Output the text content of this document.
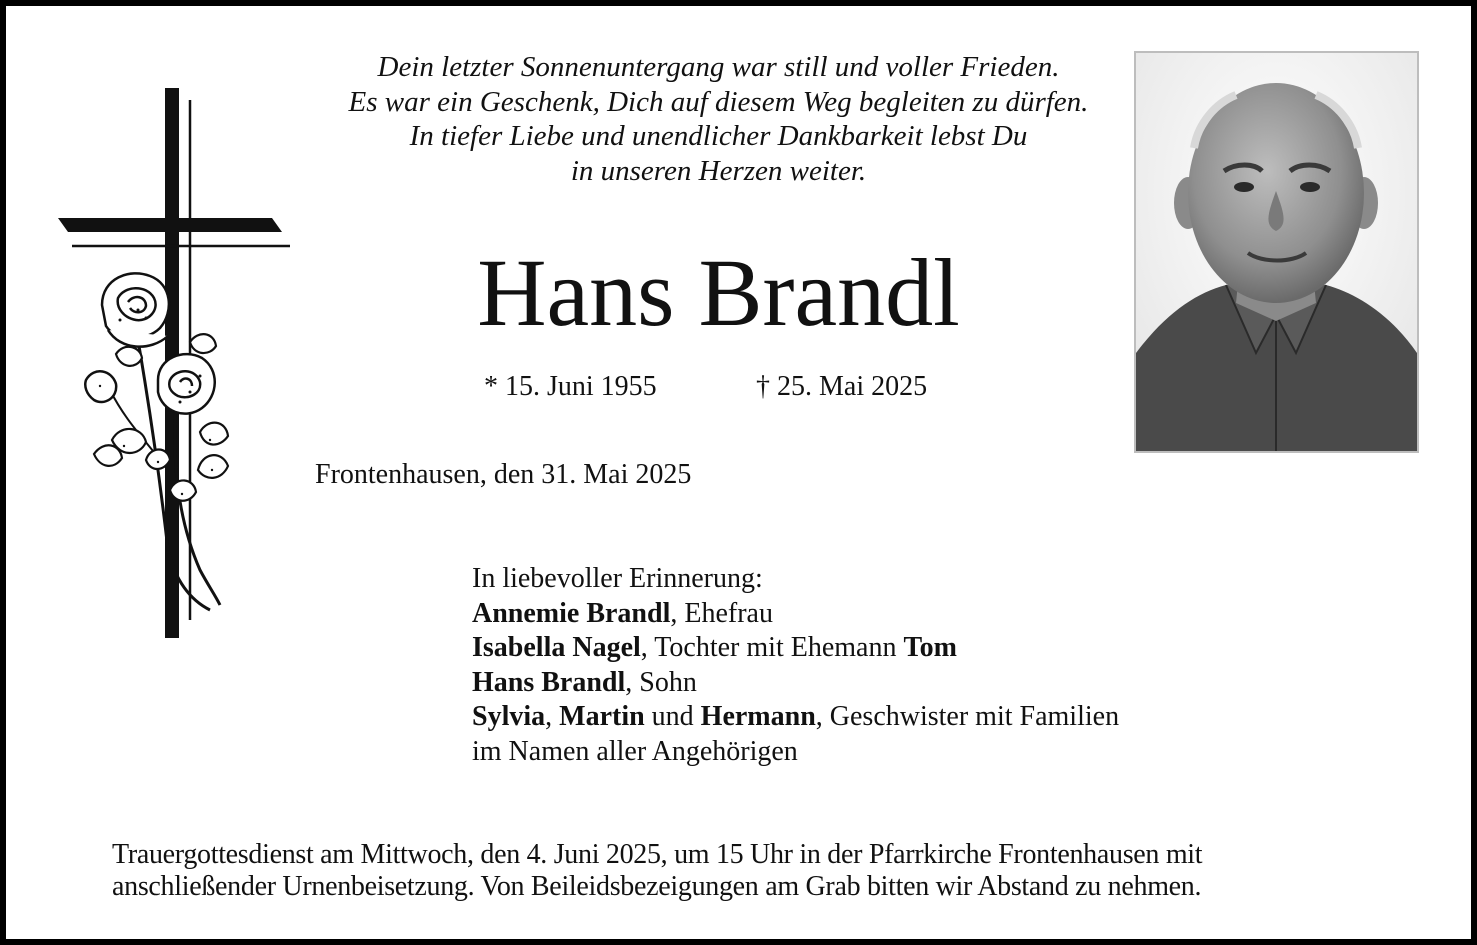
Dein letzter Sonnenuntergang war still und voller Frieden.
Es war ein Geschenk, Dich auf diesem Weg begleiten zu dürfen.
In tiefer Liebe und unendlicher Dankbarkeit lebst Du
in unseren Herzen weiter.
Hans Brandl
* 15. Juni 1955	† 25. Mai 2025
Frontenhausen, den 31. Mai 2025
In liebevoller Erinnerung:
Annemie Brandl, Ehefrau
Isabella Nagel, Tochter mit Ehemann Tom
Hans Brandl, Sohn
Sylvia, Martin und Hermann, Geschwister mit Familien
im Namen aller Angehörigen
Trauergottesdienst am Mittwoch, den 4. Juni 2025, um 15 Uhr in der Pfarrkirche Frontenhausen mit
anschließender Urnenbeisetzung. Von Beileidsbezeigungen am Grab bitten wir Abstand zu nehmen.
